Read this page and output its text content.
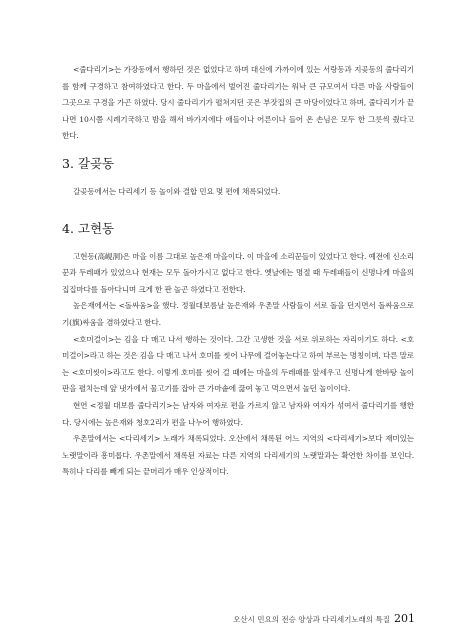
<줄다리기>는 가장동에서 행하던 것은 없었다고 하며 대신에 가까이에 있는 서랑동과 지곶동의 줄다리기를 함께 구경하고 참여하였다고 한다. 두 마을에서 벌어진 줄다리기는 워낙 큰 규모여서 다른 마을 사람들이 그곳으로 구경을 가곤 하였다. 당시 줄다리기가 펼쳐지던 곳은 부잣집의 큰 마당이었다고 하며, 줄다리기가 끝나면 10시쯤 시례기국하고 밤을 해서 바가지에다 애들이나 어른이나 들어 온 손님은 모두 한 그릇씩 줬다고 한다.

3. 갈곶동

갈곶동에서는 다리세기 등 놀이와 결합 민요 몇 편에 채록되었다.

4. 고현동

고현동(高峴洞)은 마을 이름 그대로 높은재 마을이다. 이 마을에 소리꾼들이 있었다고 한다. 예전에 신소리꾼과 두레패가 있었으나 현재는 모두 돌아가시고 없다고 한다. 옛날에는 명절 때 두레패들이 신명나게 마을의 집집마다를 돌아다니며 크게 한 판 놀곤 하였다고 전한다.

높은재에서는 <돌싸움>을 했다. 정월대보름날 높은재와 우촌말 사람들이 서로 돌을 던지면서 돌싸움으로 기(旗)싸움을 겸하였다고 한다.

<호미걸이>는 김을 다 매고 나서 행하는 것이다. 그간 고생한 것을 서로 위로하는 자리이기도 하다. <호미걸이>라고 하는 것은 김을 다 매고 나서 호미를 씻어 나무에 걸어놓는다고 하여 부르는 명칭이며, 다른 말로는 <호미씻이>라고도 한다. 이렇게 호미를 씻어 걸 때에는 마을의 두레패를 앞세우고 신명나게 한바탕 놀이판을 펼치는데 앞 냇가에서 물고기를 잡아 큰 가마솥에 끓여 놓고 먹으면서 놀던 놀이이다.

현연 <정월 대보름 줄다리기>는 남자와 여자로 편을 가르지 않고 남자와 여자가 섞여서 줄다리기를 행한다. 당시에는 높은재와 청호2리가 편을 나누어 행하였다.

우촌말에서는 <다리세기> 노래가 채록되었다. 오산에서 채록된 어느 지역의 <다리세기>보다 재미있는 노랫말이라 흥미롭다. 우촌말에서 채록된 자료는 다른 지역의 다리세기의 노랫말과는 확연한 차이를 보인다. 특히나 다리를 빼게 되는 끝머리가 매우 인상적이다.

오산시 민요의 전승 양상과 다리세기노래의 특질 201
